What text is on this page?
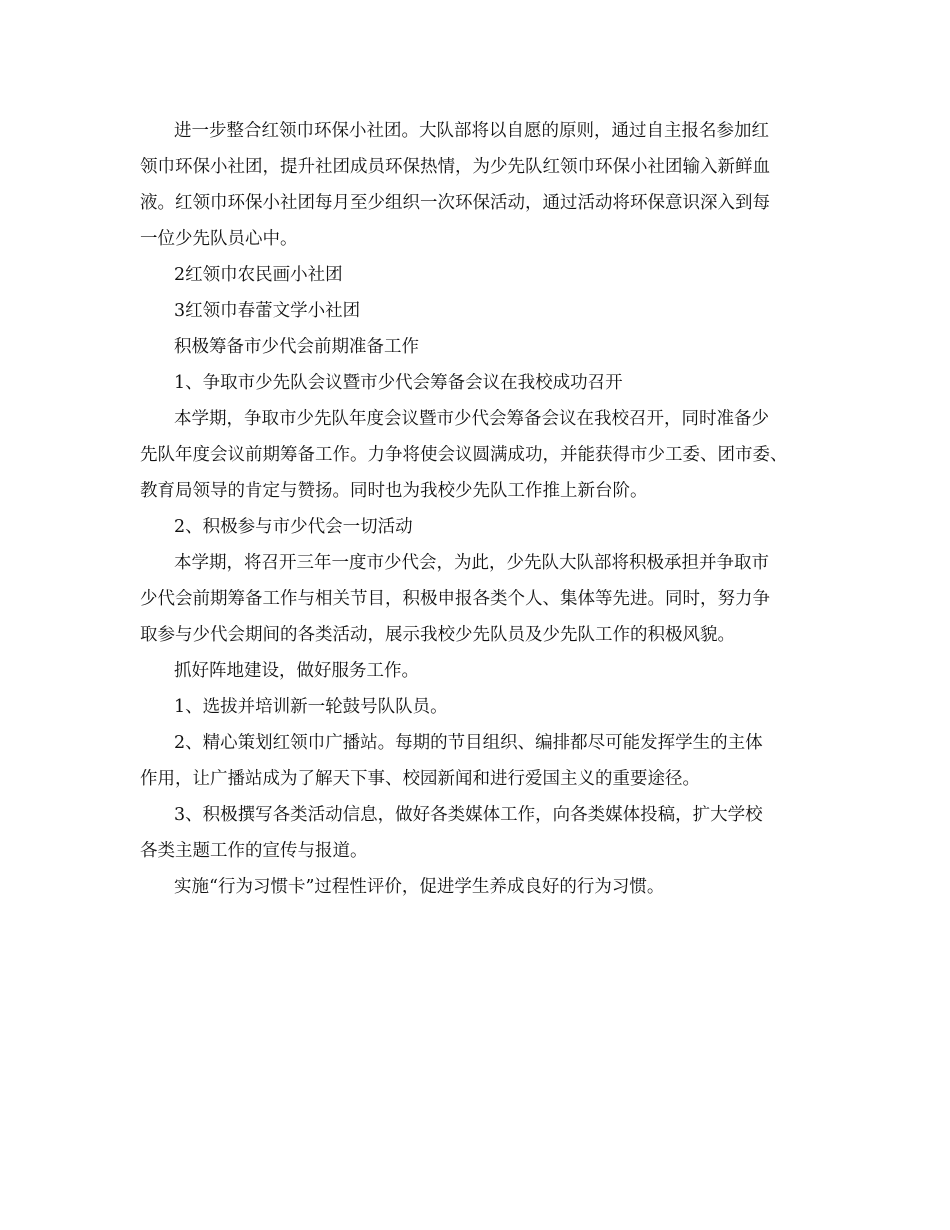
进一步整合红领巾环保小社团。大队部将以自愿的原则，通过自主报名参加红
领巾环保小社团，提升社团成员环保热情，为少先队红领巾环保小社团输入新鲜血
液。红领巾环保小社团每月至少组织一次环保活动，通过活动将环保意识深入到每
一位少先队员心中。
2红领巾农民画小社团
3红领巾春蕾文学小社团
积极筹备市少代会前期准备工作
1、争取市少先队会议暨市少代会筹备会议在我校成功召开
本学期，争取市少先队年度会议暨市少代会筹备会议在我校召开，同时准备少
先队年度会议前期筹备工作。力争将使会议圆满成功，并能获得市少工委、团市委、
教育局领导的肯定与赞扬。同时也为我校少先队工作推上新台阶。
2、积极参与市少代会一切活动
本学期，将召开三年一度市少代会，为此，少先队大队部将积极承担并争取市
少代会前期筹备工作与相关节目，积极申报各类个人、集体等先进。同时，努力争
取参与少代会期间的各类活动，展示我校少先队员及少先队工作的积极风貌。
抓好阵地建设，做好服务工作。
1、选拔并培训新一轮鼓号队队员。
2、精心策划红领巾广播站。每期的节目组织、编排都尽可能发挥学生的主体
作用，让广播站成为了解天下事、校园新闻和进行爱国主义的重要途径。
3、积极撰写各类活动信息，做好各类媒体工作，向各类媒体投稿，扩大学校
各类主题工作的宣传与报道。
实施“行为习惯卡”过程性评价，促进学生养成良好的行为习惯。
